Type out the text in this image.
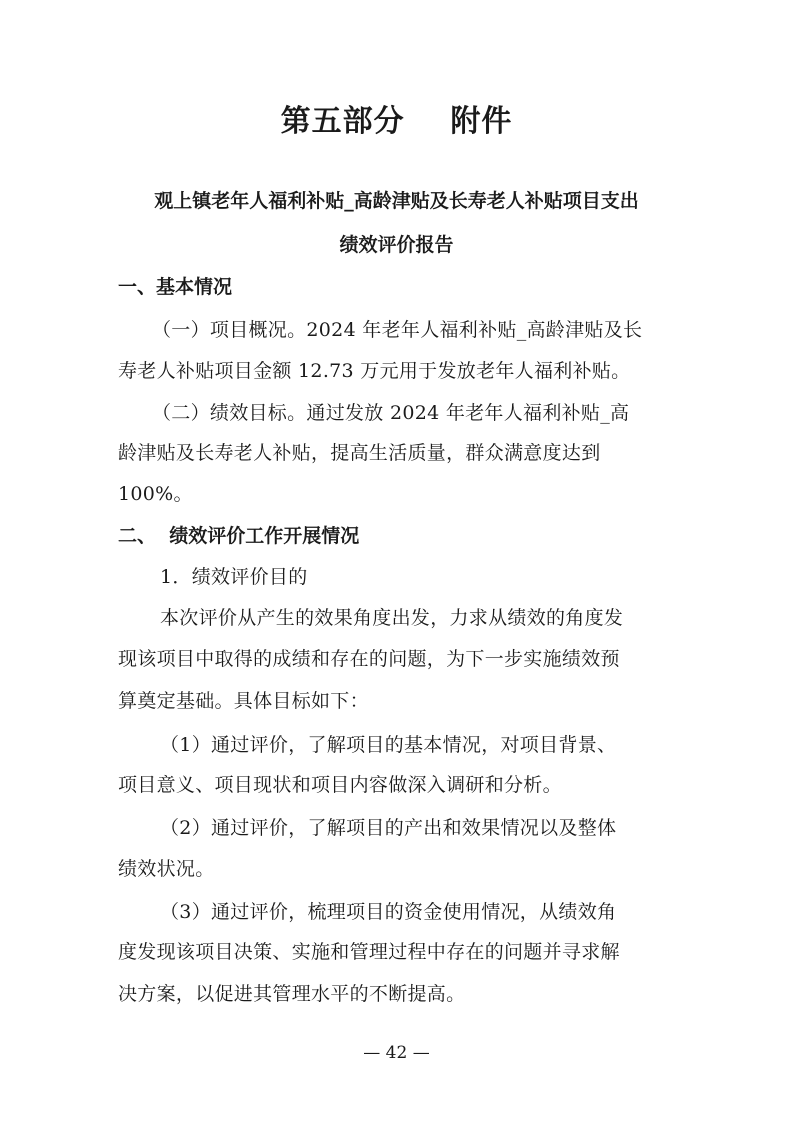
第五部分    附件
观上镇老年人福利补贴_高龄津贴及长寿老人补贴项目支出
绩效评价报告
一、基本情况
（一）项目概况。2024 年老年人福利补贴_高龄津贴及长
寿老人补贴项目金额 12.73 万元用于发放老年人福利补贴。
（二）绩效目标。通过发放 2024 年老年人福利补贴_高
龄津贴及长寿老人补贴，提高生活质量，群众满意度达到
100%。
二、  绩效评价工作开展情况
1．绩效评价目的
本次评价从产生的效果角度出发，力求从绩效的角度发
现该项目中取得的成绩和存在的问题，为下一步实施绩效预
算奠定基础。具体目标如下：
（1）通过评价，了解项目的基本情况，对项目背景、
项目意义、项目现状和项目内容做深入调研和分析。
（2）通过评价，了解项目的产出和效果情况以及整体
绩效状况。
（3）通过评价，梳理项目的资金使用情况，从绩效角
度发现该项目决策、实施和管理过程中存在的问题并寻求解
决方案，以促进其管理水平的不断提高。
— 42 —
